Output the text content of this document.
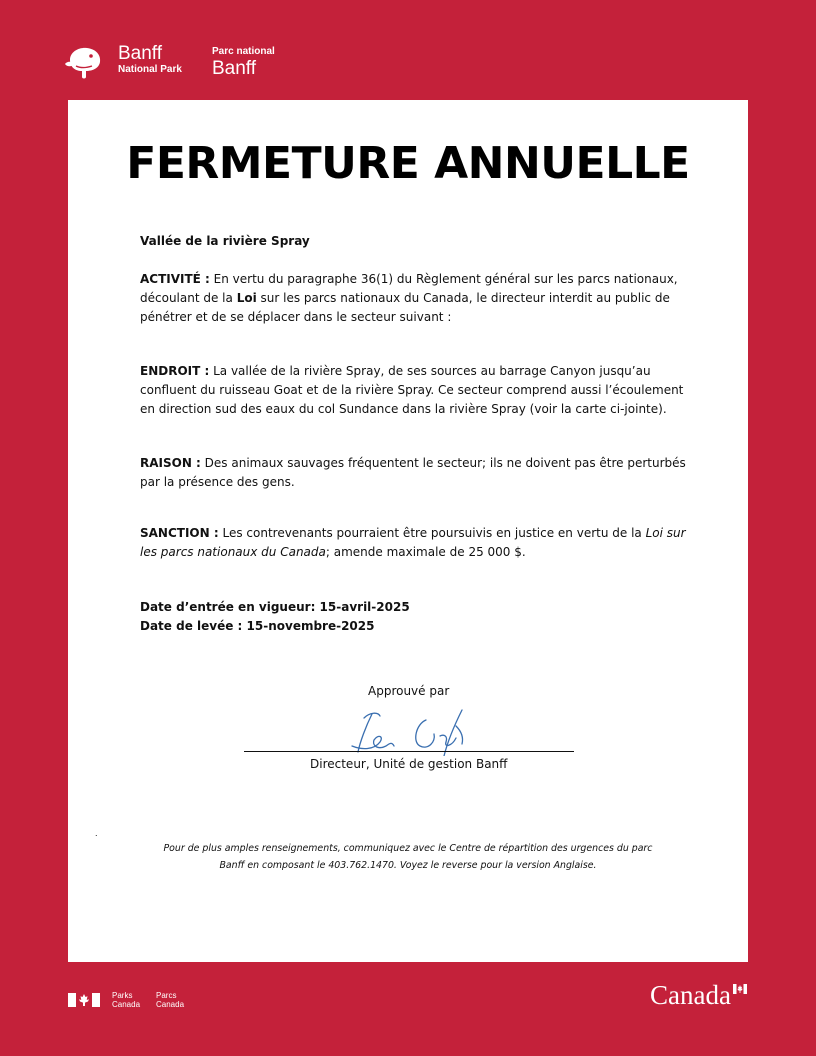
Banff
National Park
Parc national
Banff
FERMETURE ANNUELLE
Vallée de la rivière Spray
ACTIVITÉ : En vertu du paragraphe 36(1) du Règlement général sur les parcs nationaux, découlant de la Loi sur les parcs nationaux du Canada, le directeur interdit au public de pénétrer et de se déplacer dans le secteur suivant :
ENDROIT : La vallée de la rivière Spray, de ses sources au barrage Canyon jusqu’au confluent du ruisseau Goat et de la rivière Spray. Ce secteur comprend aussi l’écoulement en direction sud des eaux du col Sundance dans la rivière Spray (voir la carte ci-jointe).
RAISON : Des animaux sauvages fréquentent le secteur; ils ne doivent pas être perturbés par la présence des gens.
SANCTION : Les contrevenants pourraient être poursuivis en justice en vertu de la Loi sur les parcs nationaux du Canada; amende maximale de 25 000 $.
Date d’entrée en vigueur: 15-avril-2025
Date de levée : 15-novembre-2025
Approuvé par
Directeur, Unité de gestion Banff
.
Pour de plus amples renseignements, communiquez avec le Centre de répartition des urgences du parc
Banff en composant le 403.762.1470. Voyez le reverse pour la version Anglaise.
Parks
Canada
Parcs
Canada	Canada
